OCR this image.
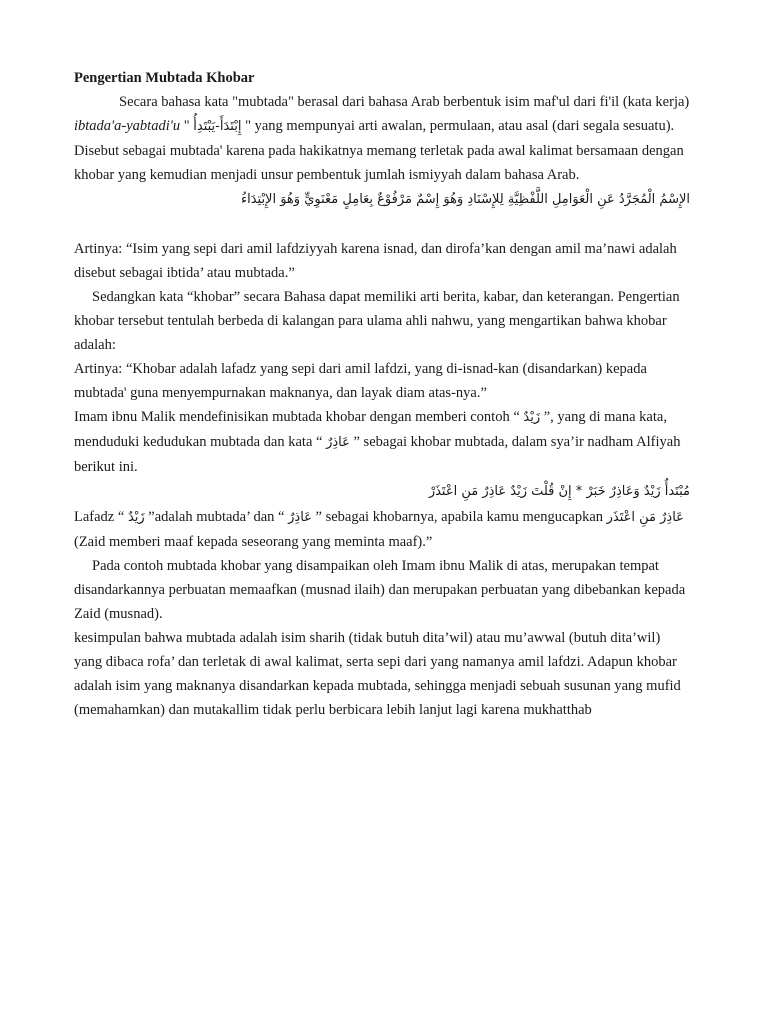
Pengertian Mubtada Khobar

Secara bahasa kata "mubtada" berasal dari bahasa Arab berbentuk isim maf'ul dari fi'il (kata kerja) ibtada'a-yabtadi'u " إِبْتَدَأَ-يَبْتَدِأُ " yang mempunyai arti awalan, permulaan, atau asal (dari segala sesuatu). Disebut sebagai mubtada' karena pada hakikatnya memang terletak pada awal kalimat bersamaan dengan khobar yang kemudian menjadi unsur pembentuk jumlah ismiyyah dalam bahasa Arab.

الإِسْمُ الْمُجَرَّدُ عَنِ الْعَوَامِلِ اللَّفْظِيَّةِ لِلإِسْنَادِ وَهُوَ إِسْمٌ مَرْفُوْعٌ بِعَامِلٍ مَعْنَوِيٍّ وَهُوَ الإِبْتِدَاءُ

Artinya: “Isim yang sepi dari amil lafdziyyah karena isnad, dan dirofa’kan dengan amil ma’nawi adalah disebut sebagai ibtida’ atau mubtada.”

Sedangkan kata “khobar” secara Bahasa dapat memiliki arti berita, kabar, dan keterangan. Pengertian khobar tersebut tentulah berbeda di kalangan para ulama ahli nahwu, yang mengartikan bahwa khobar adalah:

Artinya: “Khobar adalah lafadz yang sepi dari amil lafdzi, yang di-isnad-kan (disandarkan) kepada mubtada' guna menyempurnakan maknanya, dan layak diam atas-nya.”

Imam ibnu Malik mendefinisikan mubtada khobar dengan memberi contoh “ زَيْدٌ ”, yang di mana kata, menduduki kedudukan mubtada dan kata “ عَاذِرٌ ” sebagai khobar mubtada, dalam sya’ir nadham Alfiyah berikut ini.

مُبْتَدأٌ زَيْدٌ وَعَاذِرٌ خَبَرْ * إِنْ قُلْتَ زَيْدٌ عَاذِرٌ مَنِ اعْتَذَرْ

Lafadz “ زَيْدٌ ”adalah mubtada’ dan “ عَاذِرٌ ” sebagai khobarnya, apabila kamu mengucapkan عَاذِرٌ مَنِ اعْتَذَر (Zaid memberi maaf kepada seseorang yang meminta maaf).”

Pada contoh mubtada khobar yang disampaikan oleh Imam ibnu Malik di atas, merupakan tempat disandarkannya perbuatan memaafkan (musnad ilaih) dan merupakan perbuatan yang dibebankan kepada Zaid (musnad).

kesimpulan bahwa mubtada adalah isim sharih (tidak butuh dita’wil) atau mu’awwal (butuh dita’wil) yang dibaca rofa’ dan terletak di awal kalimat, serta sepi dari yang namanya amil lafdzi. Adapun khobar adalah isim yang maknanya disandarkan kepada mubtada, sehingga menjadi sebuah susunan yang mufid (memahamkan) dan mutakallim tidak perlu berbicara lebih lanjut lagi karena mukhatthab
